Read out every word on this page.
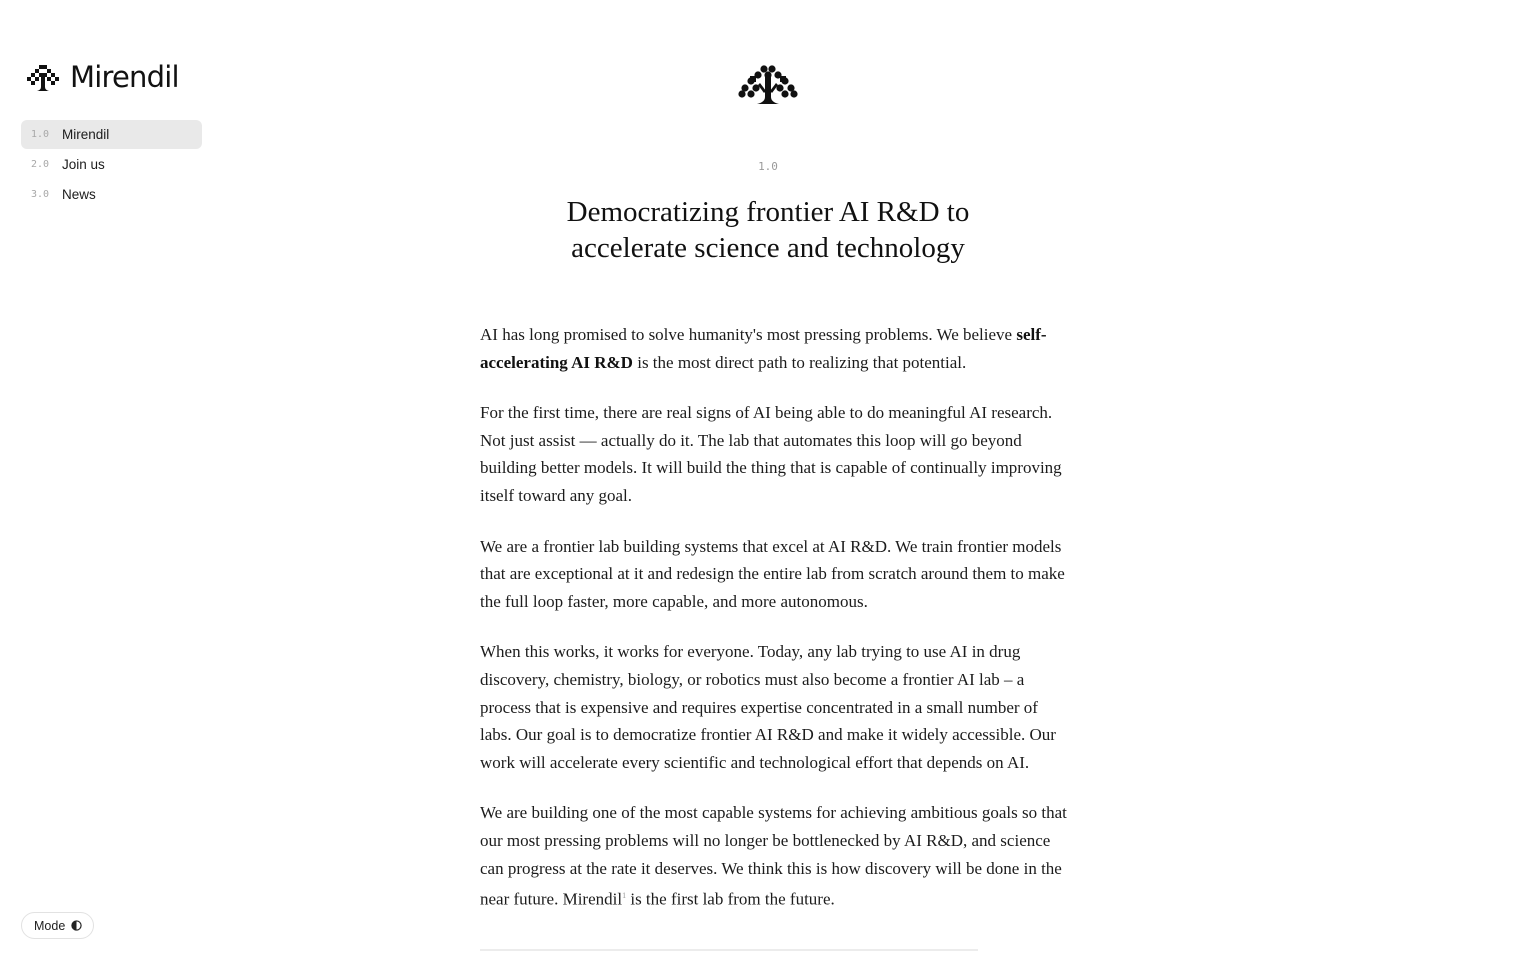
Mirendil
1.0 Mirendil
2.0 Join us
3.0 News
Mode
1.0
Democratizing frontier AI R&D to
accelerate science and technology

AI has long promised to solve humanity's most pressing problems. We believe self-accelerating AI R&D is the most direct path to realizing that potential.

For the first time, there are real signs of AI being able to do meaningful AI research. Not just assist — actually do it. The lab that automates this loop will go beyond building better models. It will build the thing that is capable of continually improving itself toward any goal.

We are a frontier lab building systems that excel at AI R&D. We train frontier models that are exceptional at it and redesign the entire lab from scratch around them to make the full loop faster, more capable, and more autonomous.

When this works, it works for everyone. Today, any lab trying to use AI in drug discovery, chemistry, biology, or robotics must also become a frontier AI lab – a process that is expensive and requires expertise concentrated in a small number of labs. Our goal is to democratize frontier AI R&D and make it widely accessible. Our work will accelerate every scientific and technological effort that depends on AI.

We are building one of the most capable systems for achieving ambitious goals so that our most pressing problems will no longer be bottlenecked by AI R&D, and science can progress at the rate it deserves. We think this is how discovery will be done in the near future. Mirendil$^1$ is the first lab from the future.
